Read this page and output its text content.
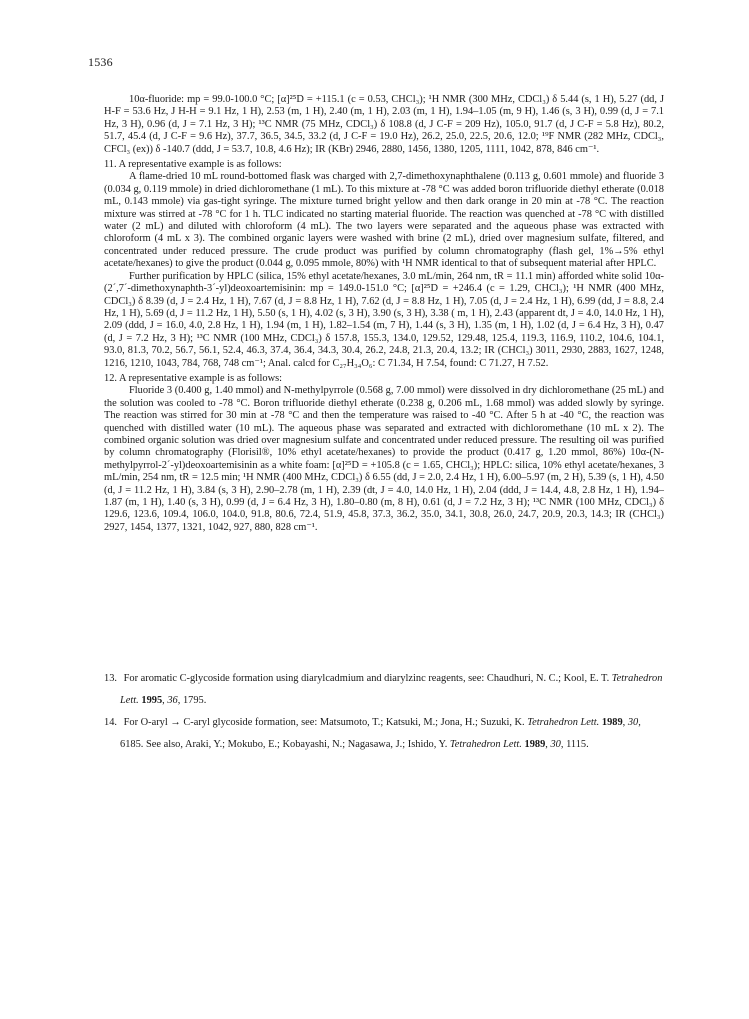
1536

10α-fluoride: mp = 99.0-100.0 °C; [α]²⁵D = +115.1 (c = 0.53, CHCl₃); ¹H NMR (300 MHz, CDCl₃) δ 5.44 (s, 1 H), 5.27 (dd, J H-F = 53.6 Hz, J H-H = 9.1 Hz, 1 H), 2.53 (m, 1 H), 2.40 (m, 1 H), 2.03 (m, 1 H), 1.94–1.05 (m, 9 H), 1.46 (s, 3 H), 0.99 (d, J = 7.1 Hz, 3 H), 0.96 (d, J = 7.1 Hz, 3 H); ¹³C NMR (75 MHz, CDCl₃) δ 108.8 (d, J C-F = 209 Hz), 105.0, 91.7 (d, J C-F = 5.8 Hz), 80.2, 51.7, 45.4 (d, J C-F = 9.6 Hz), 37.7, 36.5, 34.5, 33.2 (d, J C-F = 19.0 Hz), 26.2, 25.0, 22.5, 20.6, 12.0; ¹⁹F NMR (282 MHz, CDCl₃, CFCl₃ (ex)) δ -140.7 (ddd, J = 53.7, 10.8, 4.6 Hz); IR (KBr) 2946, 2880, 1456, 1380, 1205, 1111, 1042, 878, 846 cm⁻¹.

11. A representative example is as follows:

A flame-dried 10 mL round-bottomed flask was charged with 2,7-dimethoxynaphthalene (0.113 g, 0.601 mmole) and fluoride 3 (0.034 g, 0.119 mmole) in dried dichloromethane (1 mL). To this mixture at -78 °C was added boron trifluoride diethyl etherate (0.018 mL, 0.143 mmole) via gas-tight syringe. The mixture turned bright yellow and then dark orange in 20 min at -78 °C. The reaction mixture was stirred at -78 °C for 1 h. TLC indicated no starting material fluoride. The reaction was quenched at -78 °C with distilled water (2 mL) and diluted with chloroform (4 mL). The two layers were separated and the aqueous phase was extracted with chloroform (4 mL x 3). The combined organic layers were washed with brine (2 mL), dried over magnesium sulfate, filtered, and concentrated under reduced pressure. The crude product was purified by column chromatography (flash gel, 1%→5% ethyl acetate/hexanes) to give the product (0.044 g, 0.095 mmole, 80%) with ¹H NMR identical to that of subsequent material after HPLC.

Further purification by HPLC (silica, 15% ethyl acetate/hexanes, 3.0 mL/min, 264 nm, tR = 11.1 min) afforded white solid 10α-(2´,7´-dimethoxynaphth-3´-yl)deoxoartemisinin: mp = 149.0-151.0 °C; [α]²⁵D = +246.4 (c = 1.29, CHCl₃); ¹H NMR (400 MHz, CDCl₃) δ 8.39 (d, J = 2.4 Hz, 1 H), 7.67 (d, J = 8.8 Hz, 1 H), 7.62 (d, J = 8.8 Hz, 1 H), 7.05 (d, J = 2.4 Hz, 1 H), 6.99 (dd, J = 8.8, 2.4 Hz, 1 H), 5.69 (d, J = 11.2 Hz, 1 H), 5.50 (s, 1 H), 4.02 (s, 3 H), 3.90 (s, 3 H), 3.38 ( m, 1 H), 2.43 (apparent dt, J = 4.0, 14.0 Hz, 1 H), 2.09 (ddd, J = 16.0, 4.0, 2.8 Hz, 1 H), 1.94 (m, 1 H), 1.82–1.54 (m, 7 H), 1.44 (s, 3 H), 1.35 (m, 1 H), 1.02 (d, J = 6.4 Hz, 3 H), 0.47 (d, J = 7.2 Hz, 3 H); ¹³C NMR (100 MHz, CDCl₃) δ 157.8, 155.3, 134.0, 129.52, 129.48, 125.4, 119.3, 116.9, 110.2, 104.6, 104.1, 93.0, 81.3, 70.2, 56.7, 56.1, 52.4, 46.3, 37.4, 36.4, 34.3, 30.4, 26.2, 24.8, 21.3, 20.4, 13.2; IR (CHCl₃) 3011, 2930, 2883, 1627, 1248, 1216, 1210, 1043, 784, 768, 748 cm⁻¹; Anal. calcd for C₂₇H₃₄O₆: C 71.34, H 7.54, found: C 71.27, H 7.52.

12. A representative example is as follows:

Fluoride 3 (0.400 g, 1.40 mmol) and N-methylpyrrole (0.568 g, 7.00 mmol) were dissolved in dry dichloromethane (25 mL) and the solution was cooled to -78 °C. Boron trifluoride diethyl etherate (0.238 g, 0.206 mL, 1.68 mmol) was added slowly by syringe. The reaction was stirred for 30 min at -78 °C and then the temperature was raised to -40 °C. After 5 h at -40 °C, the reaction was quenched with distilled water (10 mL). The aqueous phase was separated and extracted with dichloromethane (10 mL x 2). The combined organic solution was dried over magnesium sulfate and concentrated under reduced pressure. The resulting oil was purified by column chromatography (Florisil®, 10% ethyl acetate/hexanes) to provide the product (0.417 g, 1.20 mmol, 86%) 10α-(N-methylpyrrol-2´-yl)deoxoartemisinin as a white foam: [α]²⁵D = +105.8 (c = 1.65, CHCl₃); HPLC: silica, 10% ethyl acetate/hexanes, 3 mL/min, 254 nm, tR = 12.5 min; ¹H NMR (400 MHz, CDCl₃) δ 6.55 (dd, J = 2.0, 2.4 Hz, 1 H), 6.00–5.97 (m, 2 H), 5.39 (s, 1 H), 4.50 (d, J = 11.2 Hz, 1 H), 3.84 (s, 3 H), 2.90–2.78 (m, 1 H), 2.39 (dt, J = 4.0, 14.0 Hz, 1 H), 2.04 (ddd, J = 14.4, 4.8, 2.8 Hz, 1 H), 1.94–1.87 (m, 1 H), 1.40 (s, 3 H), 0.99 (d, J = 6.4 Hz, 3 H), 1.80–0.80 (m, 8 H), 0.61 (d, J = 7.2 Hz, 3 H); ¹³C NMR (100 MHz, CDCl₃) δ 129.6, 123.6, 109.4, 106.0, 104.0, 91.8, 80.6, 72.4, 51.9, 45.8, 37.3, 36.2, 35.0, 34.1, 30.8, 26.0, 24.7, 20.9, 20.3, 14.3; IR (CHCl₃) 2927, 1454, 1377, 1321, 1042, 927, 880, 828 cm⁻¹.

13. For aromatic C-glycoside formation using diarylcadmium and diarylzinc reagents, see: Chaudhuri, N. C.; Kool, E. T. Tetrahedron Lett. 1995, 36, 1795.
14. For O-aryl → C-aryl glycoside formation, see: Matsumoto, T.; Katsuki, M.; Jona, H.; Suzuki, K. Tetrahedron Lett. 1989, 30, 6185. See also, Araki, Y.; Mokubo, E.; Kobayashi, N.; Nagasawa, J.; Ishido, Y. Tetrahedron Lett. 1989, 30, 1115.
